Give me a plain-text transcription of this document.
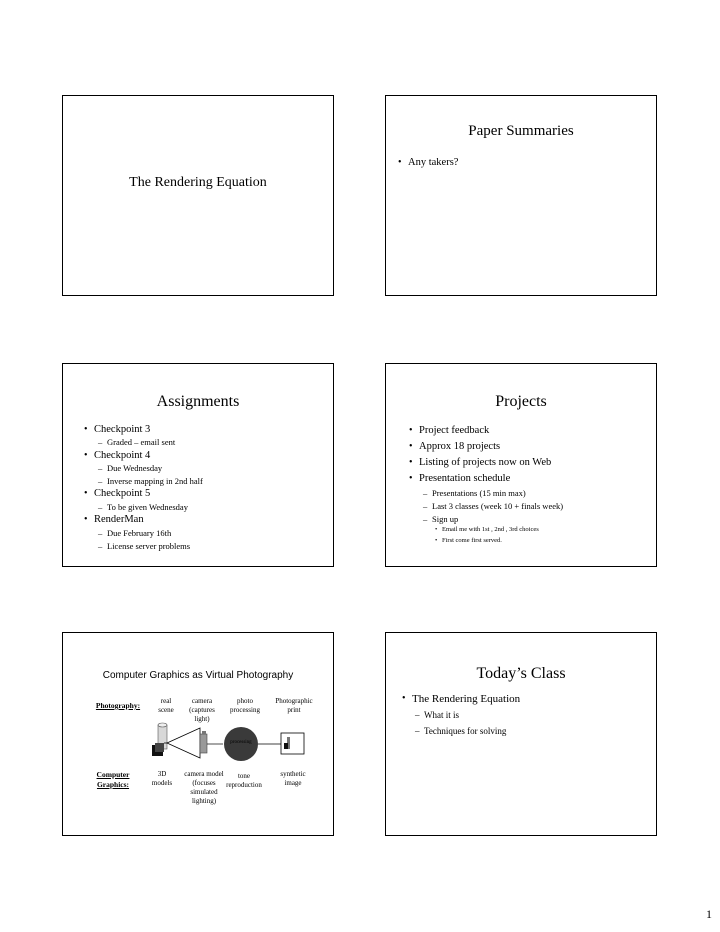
The Rendering Equation
Paper Summaries
• Any takers?
Assignments
• Checkpoint 3
– Graded – email sent
• Checkpoint 4
– Due Wednesday
– Inverse mapping in 2nd half
• Checkpoint 5
– To be given Wednesday
• RenderMan
– Due February 16th
– License server problems
Projects
• Project feedback
• Approx 18 projects
• Listing of projects now on Web
• Presentation schedule
– Presentations (15 min max)
– Last 3 classes (week 10 + finals week)
– Sign up
• Email me with 1st , 2nd , 3rd choices
• First come first served.
Computer Graphics as Virtual Photography
Photography:	real scene
camera (captures light)
photo processing
Photographic print
processing
Computer Graphics:
3D models
camera model (focuses simulated lighting)
tone reproduction
synthetic image
Today’s Class
• The Rendering Equation
– What it is
– Techniques for solving
1
